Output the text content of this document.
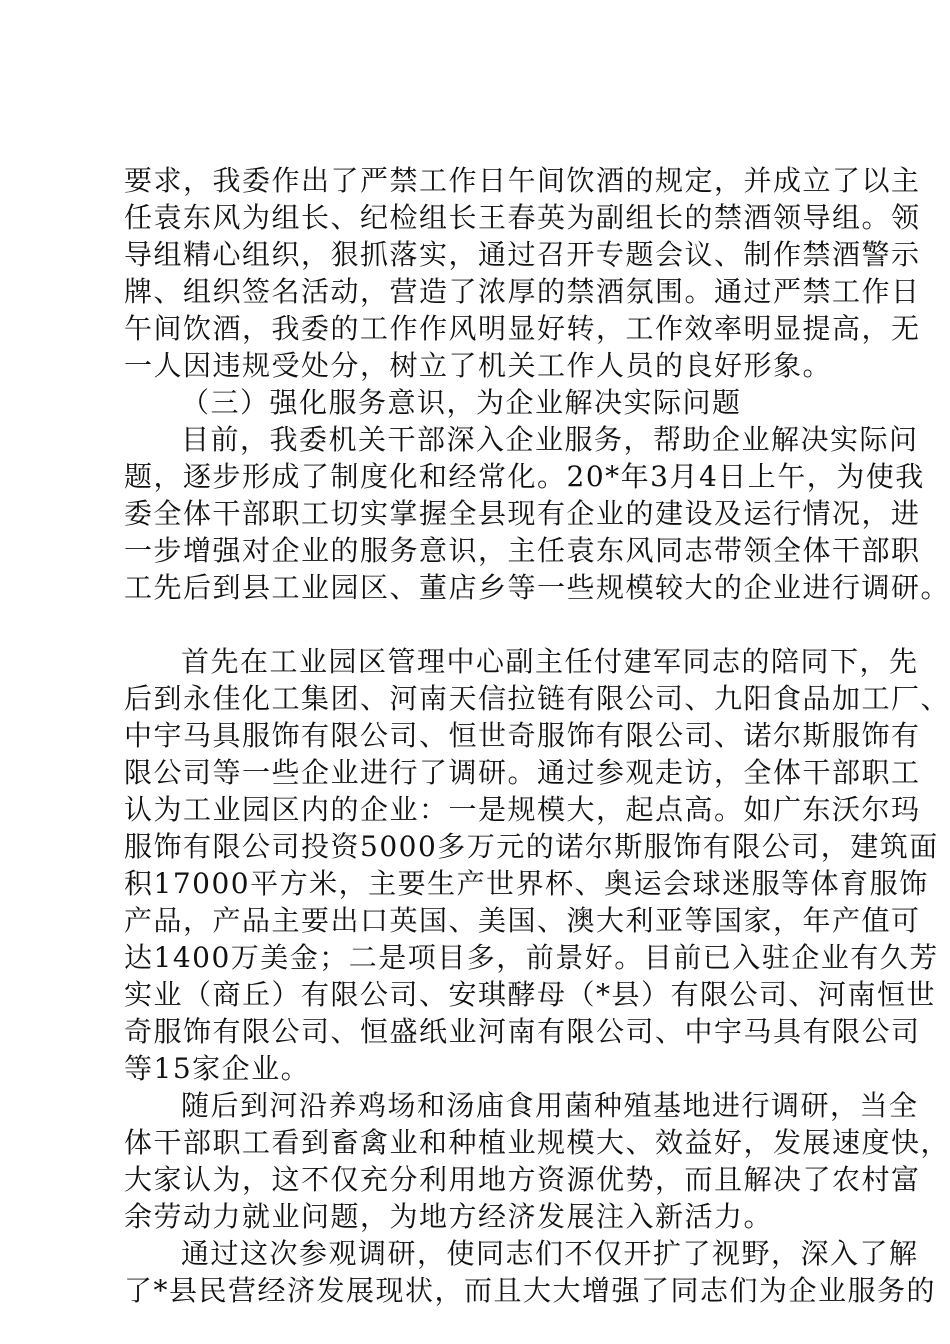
要求，我委作出了严禁工作日午间饮酒的规定，并成立了以主
任袁东风为组长、纪检组长王春英为副组长的禁酒领导组。领
导组精心组织，狠抓落实，通过召开专题会议、制作禁酒警示
牌、组织签名活动，营造了浓厚的禁酒氛围。通过严禁工作日
午间饮酒，我委的工作作风明显好转，工作效率明显提高，无
一人因违规受处分，树立了机关工作人员的良好形象。
（三）强化服务意识，为企业解决实际问题
目前，我委机关干部深入企业服务，帮助企业解决实际问
题，逐步形成了制度化和经常化。20*年3月4日上午，为使我
委全体干部职工切实掌握全县现有企业的建设及运行情况，进
一步增强对企业的服务意识，主任袁东风同志带领全体干部职
工先后到县工业园区、董店乡等一些规模较大的企业进行调研。
首先在工业园区管理中心副主任付建军同志的陪同下，先
后到永佳化工集团、河南天信拉链有限公司、九阳食品加工厂、
中宇马具服饰有限公司、恒世奇服饰有限公司、诺尔斯服饰有
限公司等一些企业进行了调研。通过参观走访，全体干部职工
认为工业园区内的企业：一是规模大，起点高。如广东沃尔玛
服饰有限公司投资5000多万元的诺尔斯服饰有限公司，建筑面
积17000平方米，主要生产世界杯、奥运会球迷服等体育服饰
产品，产品主要出口英国、美国、澳大利亚等国家，年产值可
达1400万美金；二是项目多，前景好。目前已入驻企业有久芳
实业（商丘）有限公司、安琪酵母（*县）有限公司、河南恒世
奇服饰有限公司、恒盛纸业河南有限公司、中宇马具有限公司
等15家企业。
随后到河沿养鸡场和汤庙食用菌种殖基地进行调研，当全
体干部职工看到畜禽业和种植业规模大、效益好，发展速度快，
大家认为，这不仅充分利用地方资源优势，而且解决了农村富
余劳动力就业问题，为地方经济发展注入新活力。
通过这次参观调研，使同志们不仅开扩了视野，深入了解
了*县民营经济发展现状，而且大大增强了同志们为企业服务的
